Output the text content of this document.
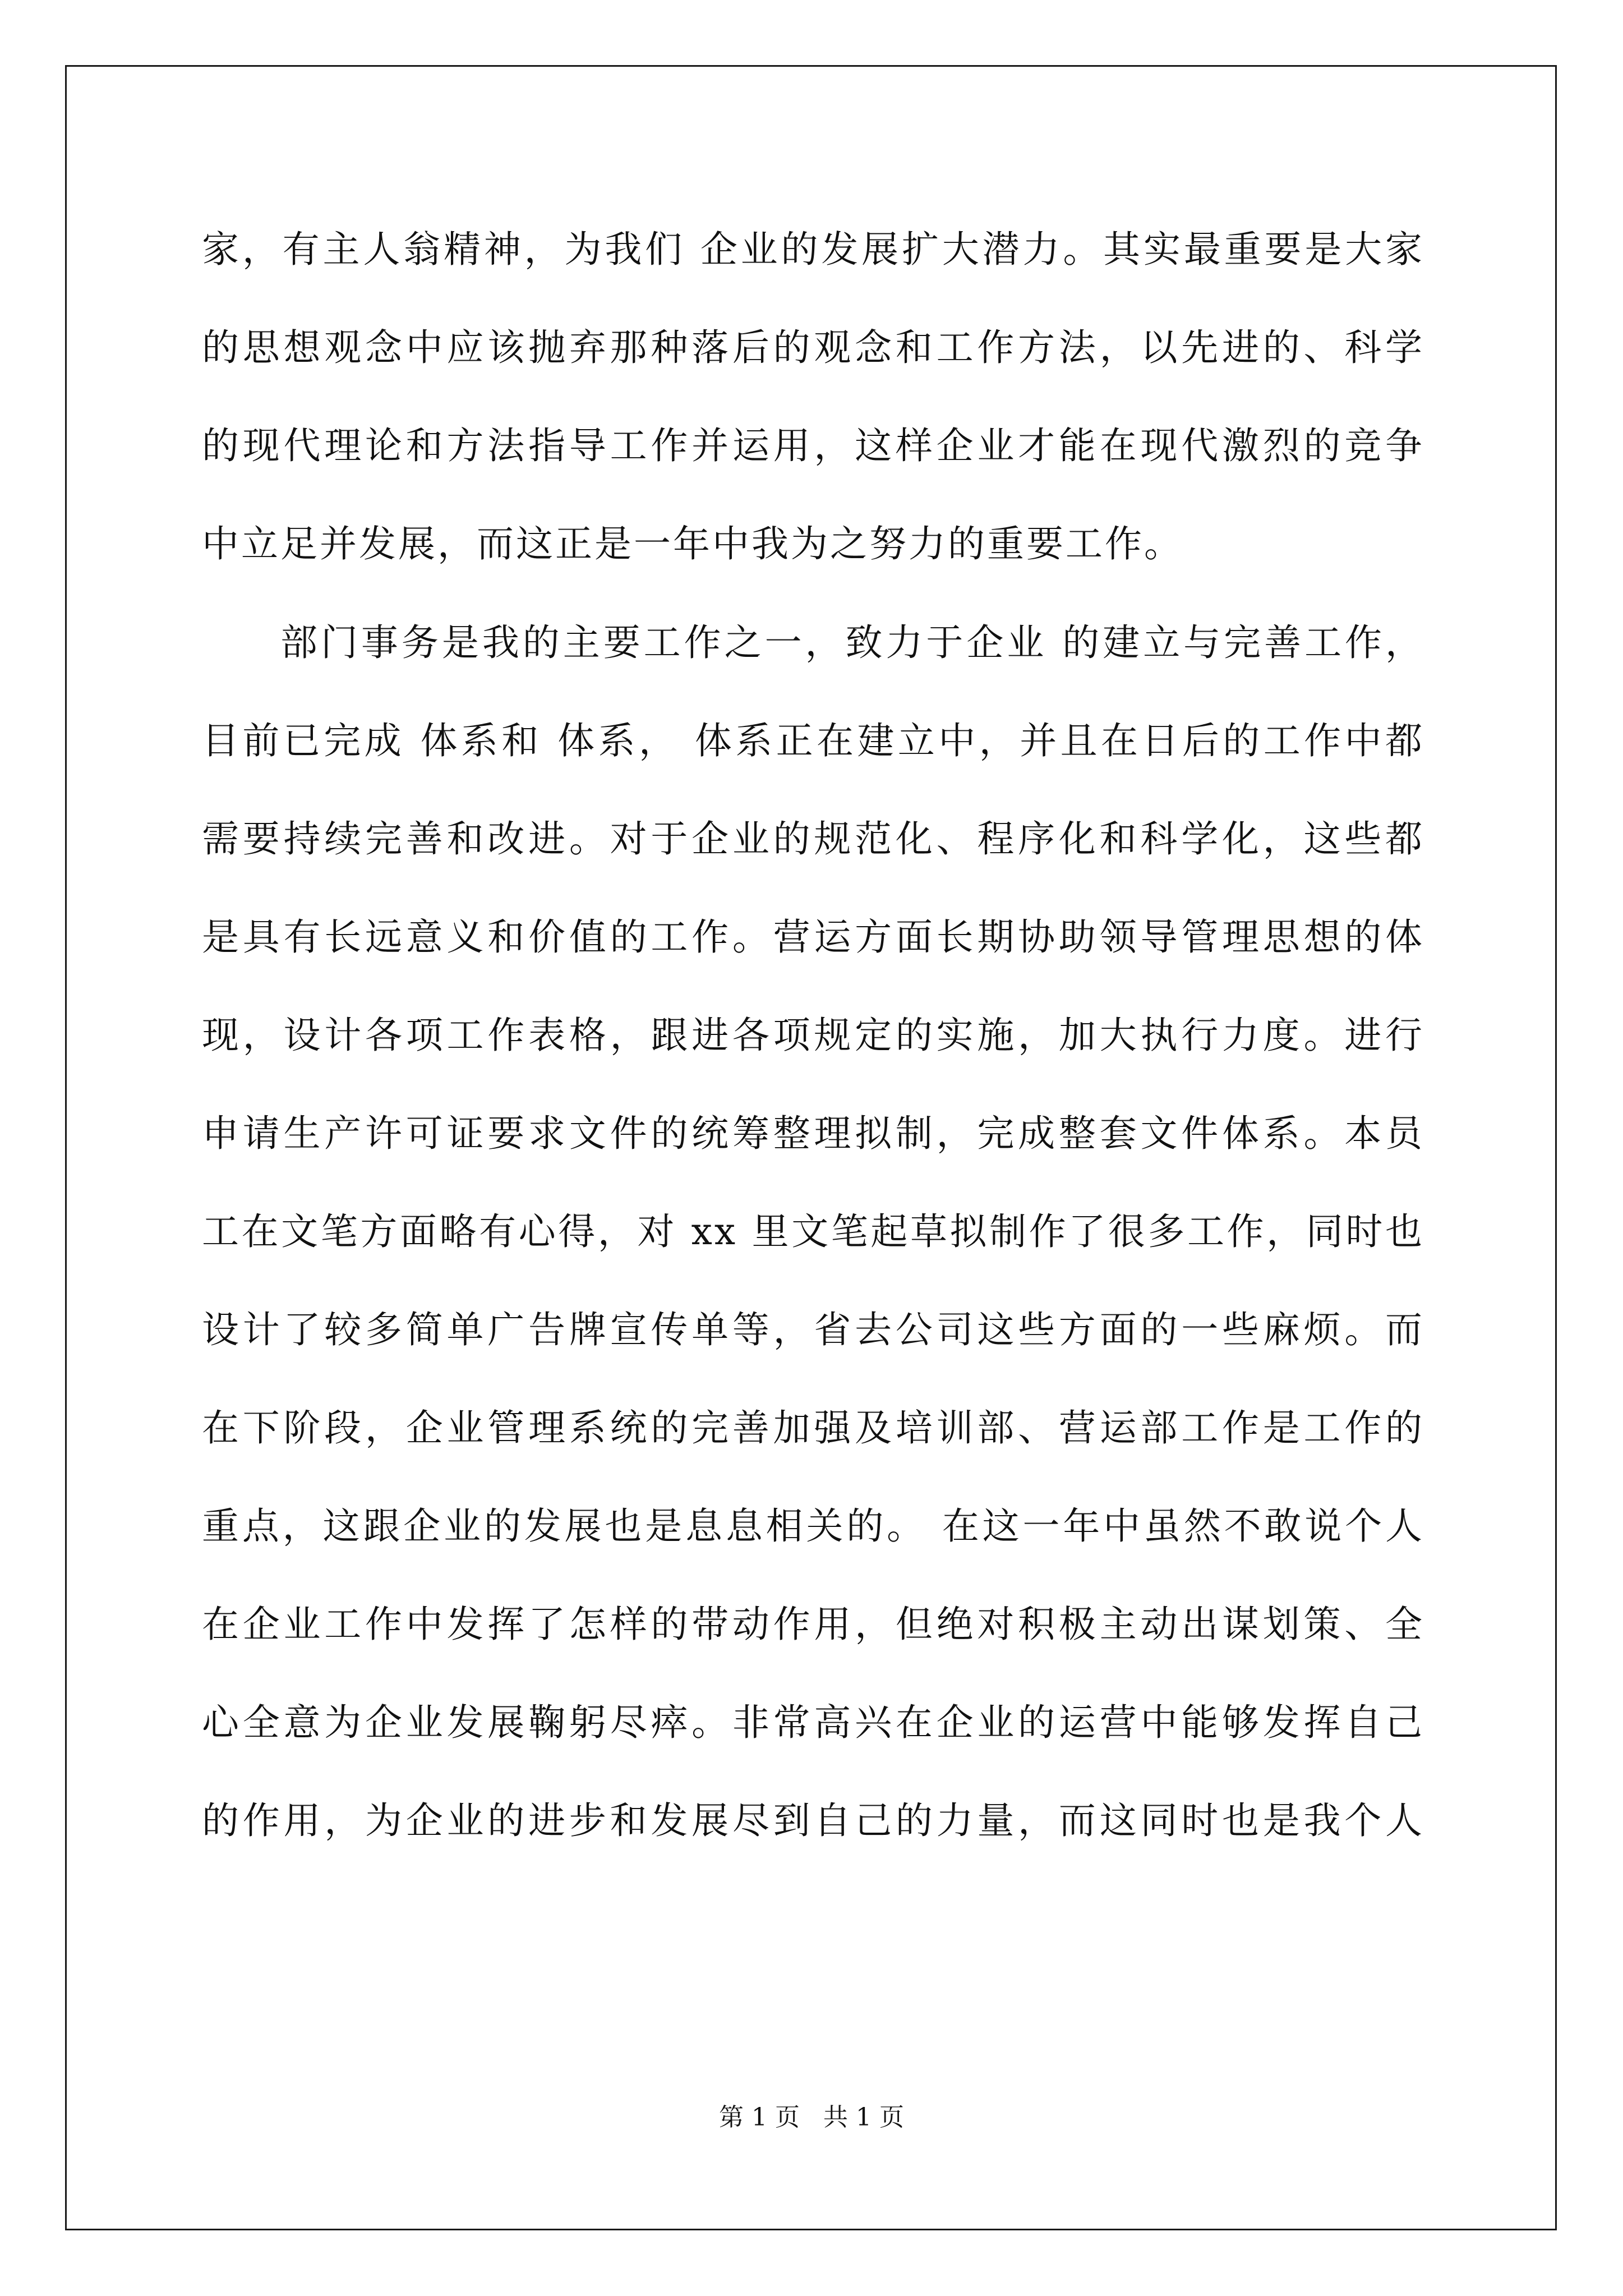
家，有主人翁精神，为我们 企业的发展扩大潜力。其实最重要是大家
的思想观念中应该抛弃那种落后的观念和工作方法，以先进的、科学
的现代理论和方法指导工作并运用，这样企业才能在现代激烈的竞争
中立足并发展，而这正是一年中我为之努力的重要工作。
部门事务是我的主要工作之一，致力于企业 的建立与完善工作，
目前已完成 体系和 体系， 体系正在建立中，并且在日后的工作中都
需要持续完善和改进。对于企业的规范化、程序化和科学化，这些都
是具有长远意义和价值的工作。营运方面长期协助领导管理思想的体
现，设计各项工作表格，跟进各项规定的实施，加大执行力度。进行
申请生产许可证要求文件的统筹整理拟制，完成整套文件体系。本员
工在文笔方面略有心得，对 xx 里文笔起草拟制作了很多工作，同时也
设计了较多简单广告牌宣传单等，省去公司这些方面的一些麻烦。而
在下阶段，企业管理系统的完善加强及培训部、营运部工作是工作的
重点，这跟企业的发展也是息息相关的。 在这一年中虽然不敢说个人
在企业工作中发挥了怎样的带动作用，但绝对积极主动出谋划策、全
心全意为企业发展鞠躬尽瘁。非常高兴在企业的运营中能够发挥自己
的作用，为企业的进步和发展尽到自己的力量，而这同时也是我个人
第 1 页   共 1 页
